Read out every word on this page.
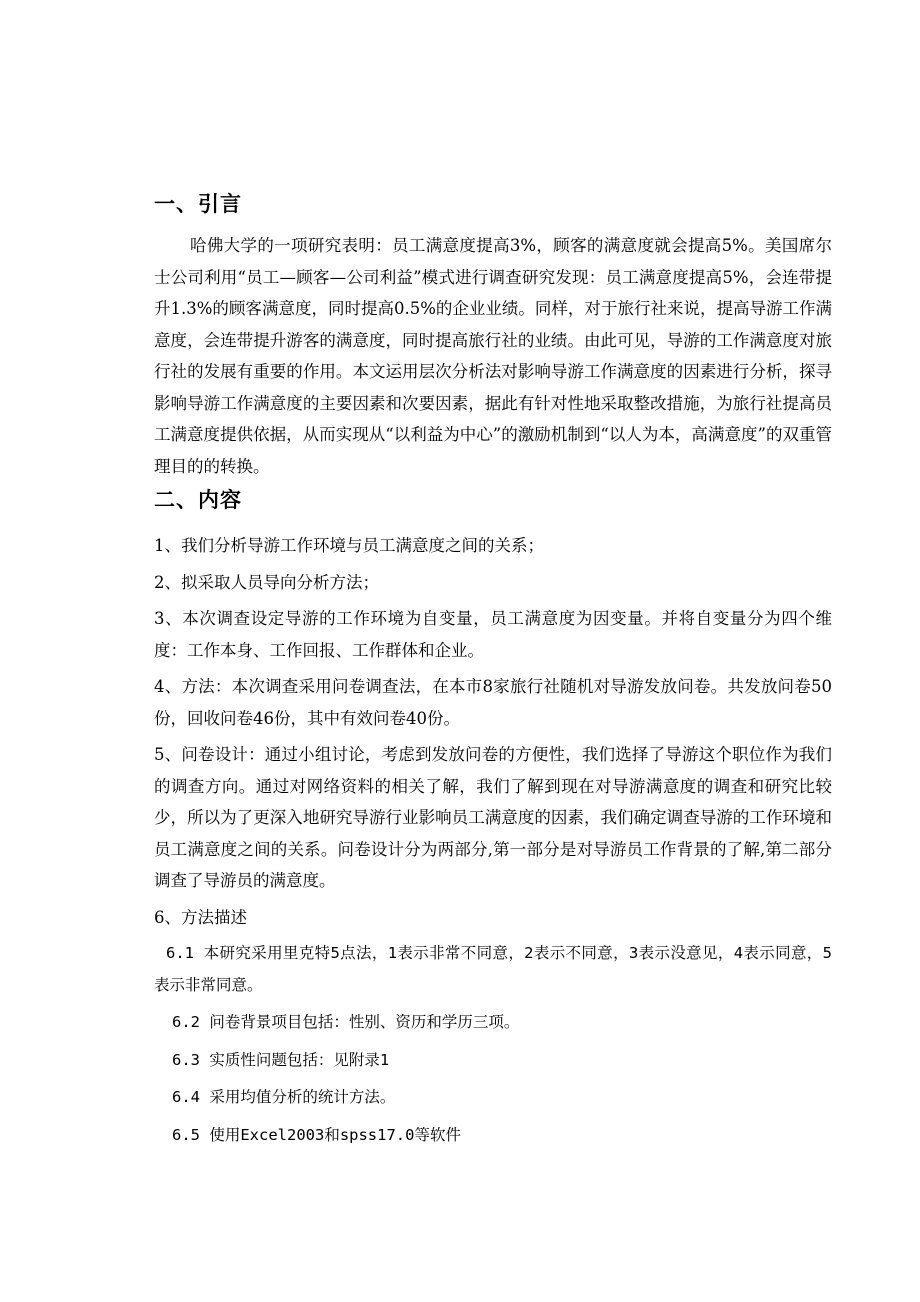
一、引言

哈佛大学的一项研究表明：员工满意度提高3%，顾客的满意度就会提高5%。美国席尔士公司利用“员工—顾客—公司利益”模式进行调查研究发现：员工满意度提高5%，会连带提升1.3%的顾客满意度，同时提高0.5%的企业业绩。同样，对于旅行社来说，提高导游工作满意度，会连带提升游客的满意度，同时提高旅行社的业绩。由此可见，导游的工作满意度对旅行社的发展有重要的作用。本文运用层次分析法对影响导游工作满意度的因素进行分析，探寻影响导游工作满意度的主要因素和次要因素，据此有针对性地采取整改措施，为旅行社提高员工满意度提供依据，从而实现从“以利益为中心”的激励机制到“以人为本，高满意度”的双重管理目的的转换。

二、内容

1、我们分析导游工作环境与员工满意度之间的关系；

2、拟采取人员导向分析方法；

3、本次调查设定导游的工作环境为自变量，员工满意度为因变量。并将自变量分为四个维度：工作本身、工作回报、工作群体和企业。

4、方法：本次调查采用问卷调查法，在本市8家旅行社随机对导游发放问卷。共发放问卷50份，回收问卷46份，其中有效问卷40份。

5、问卷设计：通过小组讨论，考虑到发放问卷的方便性，我们选择了导游这个职位作为我们的调查方向。通过对网络资料的相关了解，我们了解到现在对导游满意度的调查和研究比较少，所以为了更深入地研究导游行业影响员工满意度的因素，我们确定调查导游的工作环境和员工满意度之间的关系。问卷设计分为两部分,第一部分是对导游员工作背景的了解,第二部分调查了导游员的满意度。

6、方法描述

6.1 本研究采用里克特5点法，1表示非常不同意，2表示不同意，3表示没意见，4表示同意，5表示非常同意。

6.2 问卷背景项目包括：性别、资历和学历三项。

6.3 实质性问题包括：见附录1

6.4 采用均值分析的统计方法。

6.5 使用Excel2003和spss17.0等软件
